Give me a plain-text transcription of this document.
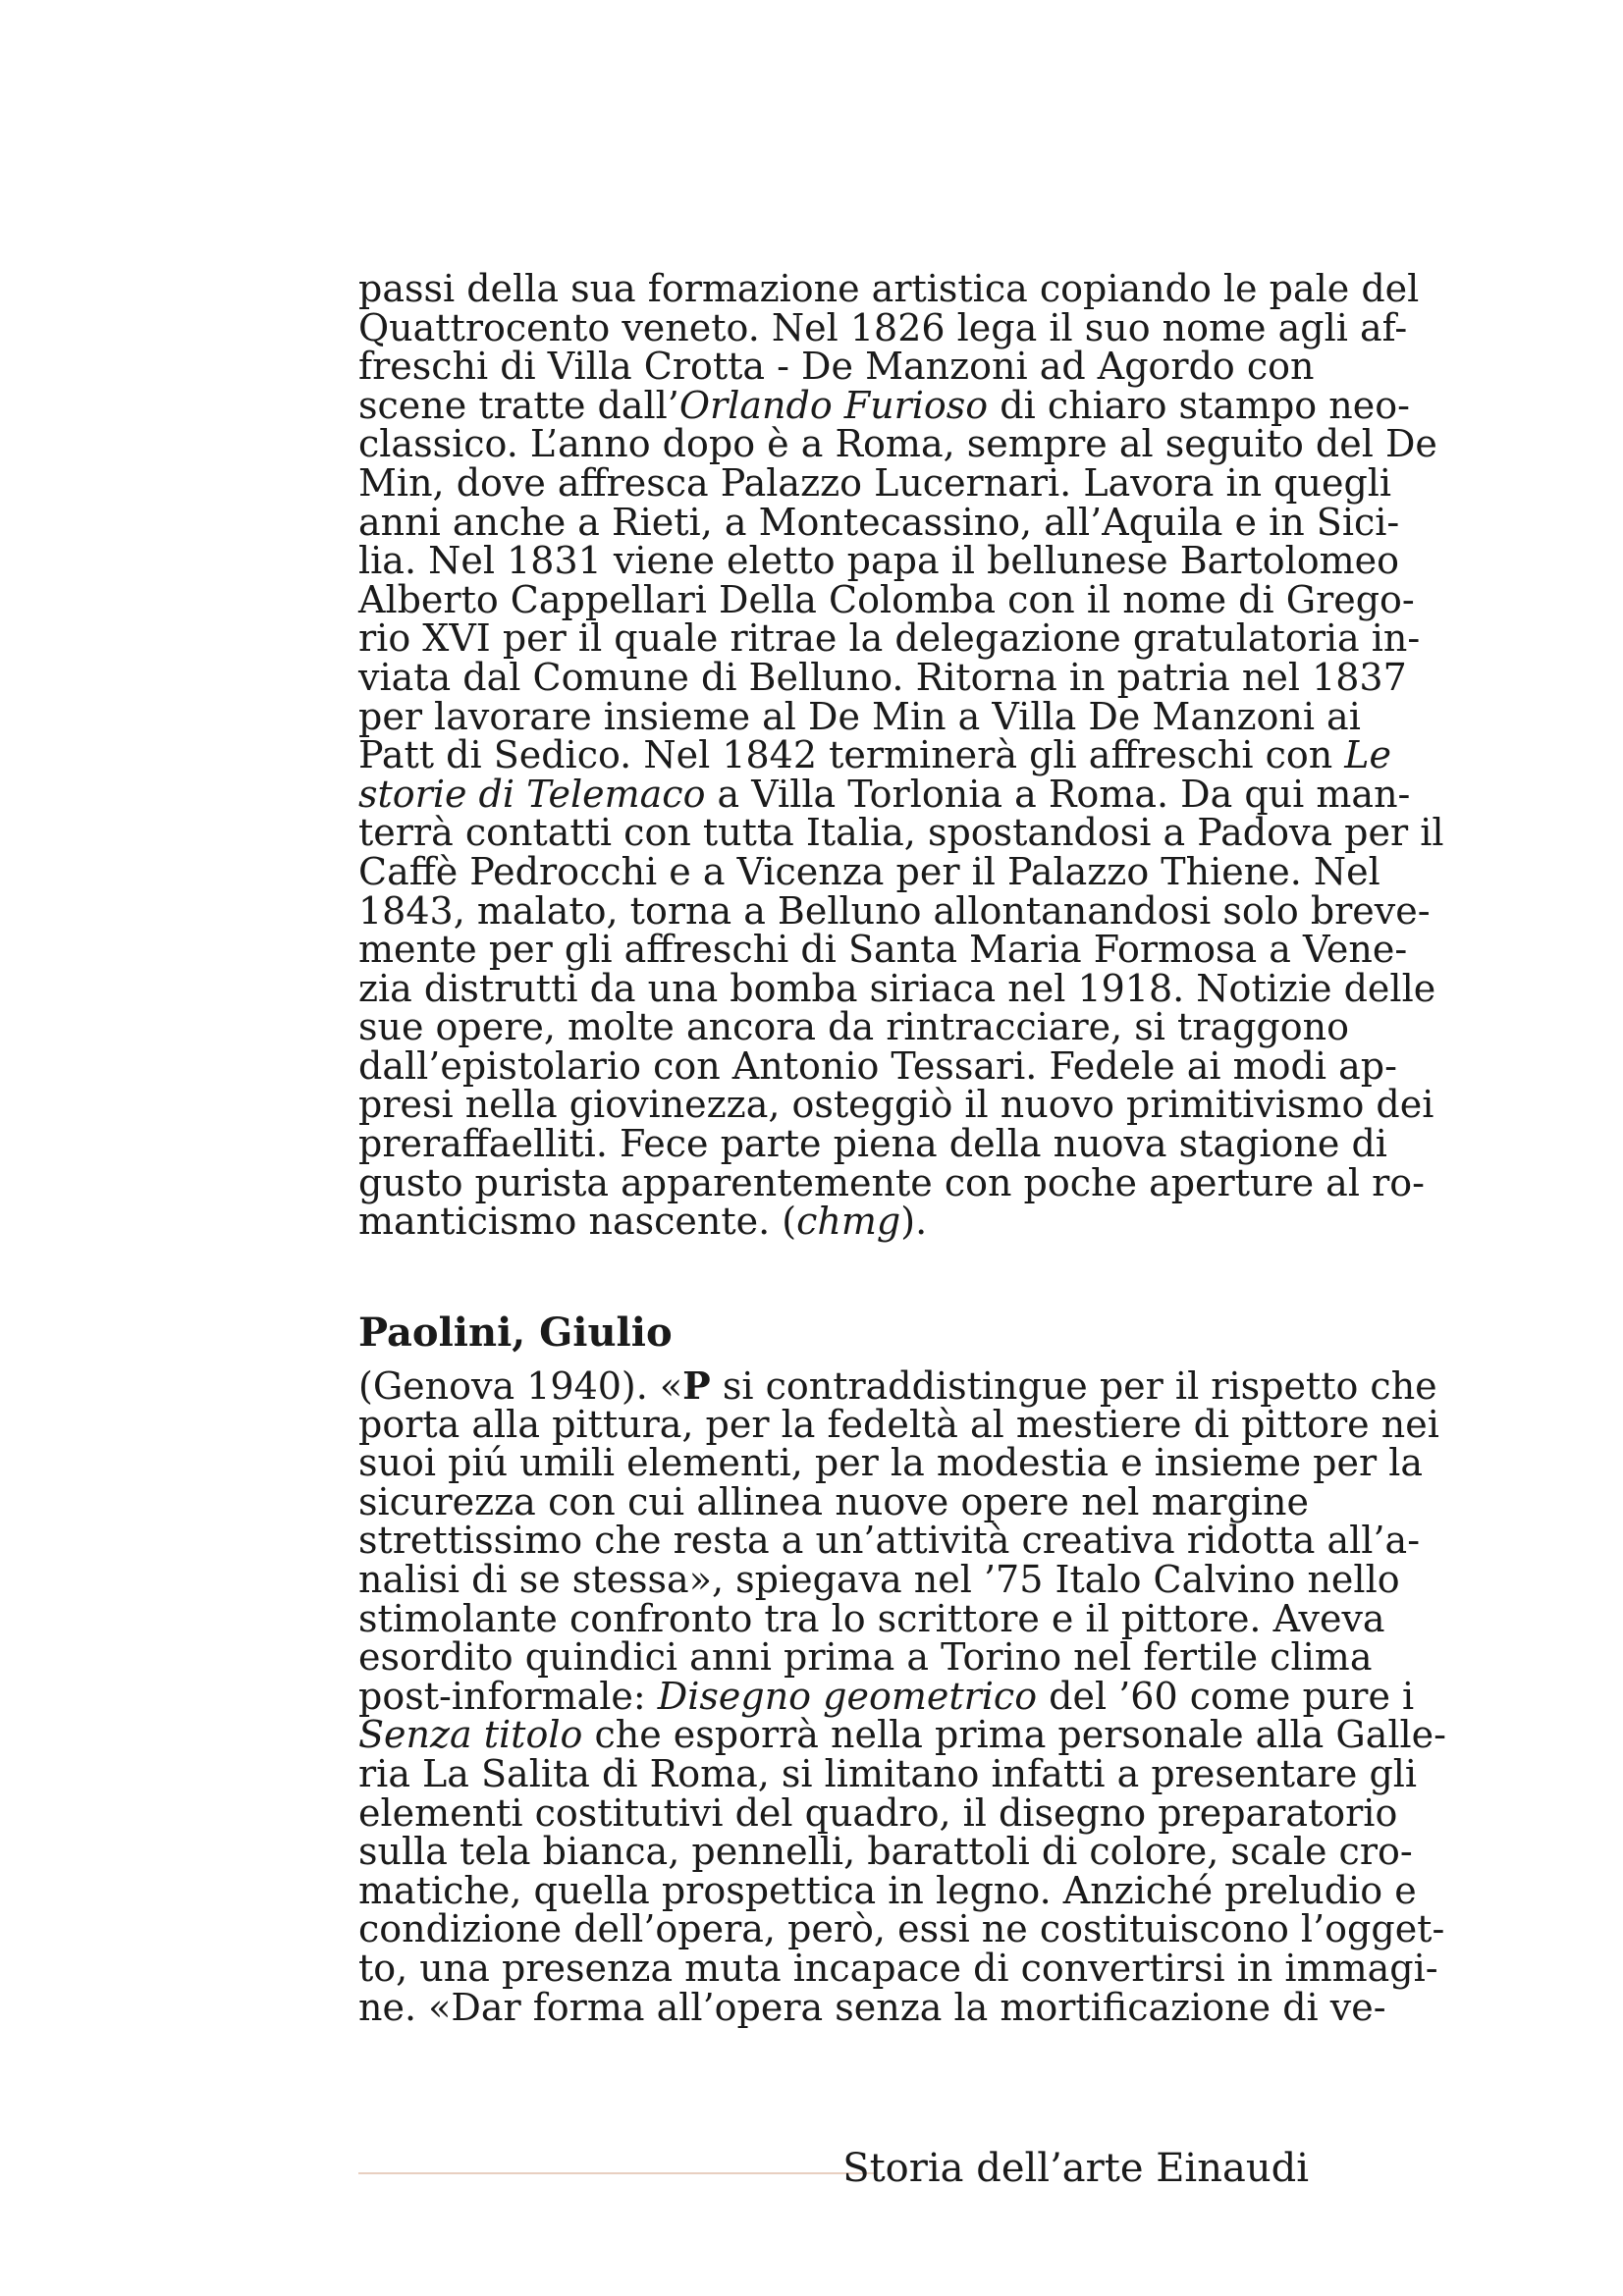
passi della sua formazione artistica copiando le pale del
Quattrocento veneto. Nel 1826 lega il suo nome agli af-
freschi di Villa Crotta - De Manzoni ad Agordo con
scene tratte dall’Orlando Furioso di chiaro stampo neo-
classico. L’anno dopo è a Roma, sempre al seguito del De
Min, dove affresca Palazzo Lucernari. Lavora in quegli
anni anche a Rieti, a Montecassino, all’Aquila e in Sici-
lia. Nel 1831 viene eletto papa il bellunese Bartolomeo
Alberto Cappellari Della Colomba con il nome di Grego-
rio XVI per il quale ritrae la delegazione gratulatoria in-
viata dal Comune di Belluno. Ritorna in patria nel 1837
per lavorare insieme al De Min a Villa De Manzoni ai
Patt di Sedico. Nel 1842 terminerà gli affreschi con Le
storie di Telemaco a Villa Torlonia a Roma. Da qui man-
terrà contatti con tutta Italia, spostandosi a Padova per il
Caffè Pedrocchi e a Vicenza per il Palazzo Thiene. Nel
1843, malato, torna a Belluno allontanandosi solo breve-
mente per gli affreschi di Santa Maria Formosa a Vene-
zia distrutti da una bomba siriaca nel 1918. Notizie delle
sue opere, molte ancora da rintracciare, si traggono
dall’epistolario con Antonio Tessari. Fedele ai modi ap-
presi nella giovinezza, osteggiò il nuovo primitivismo dei
preraffaelliti. Fece parte piena della nuova stagione di
gusto purista apparentemente con poche aperture al ro-
manticismo nascente. (chmg).
Paolini, Giulio
(Genova 1940). «P si contraddistingue per il rispetto che
porta alla pittura, per la fedeltà al mestiere di pittore nei
suoi piú umili elementi, per la modestia e insieme per la
sicurezza con cui allinea nuove opere nel margine
strettissimo che resta a un’attività creativa ridotta all’a-
nalisi di se stessa», spiegava nel ’75 Italo Calvino nello
stimolante confronto tra lo scrittore e il pittore. Aveva
esordito quindici anni prima a Torino nel fertile clima
post-informale: Disegno geometrico del ’60 come pure i
Senza titolo che esporrà nella prima personale alla Galle-
ria La Salita di Roma, si limitano infatti a presentare gli
elementi costitutivi del quadro, il disegno preparatorio
sulla tela bianca, pennelli, barattoli di colore, scale cro-
matiche, quella prospettica in legno. Anziché preludio e
condizione dell’opera, però, essi ne costituiscono l’ogget-
to, una presenza muta incapace di convertirsi in immagi-
ne. «Dar forma all’opera senza la mortificazione di ve-
Storia dell’arte Einaudi
